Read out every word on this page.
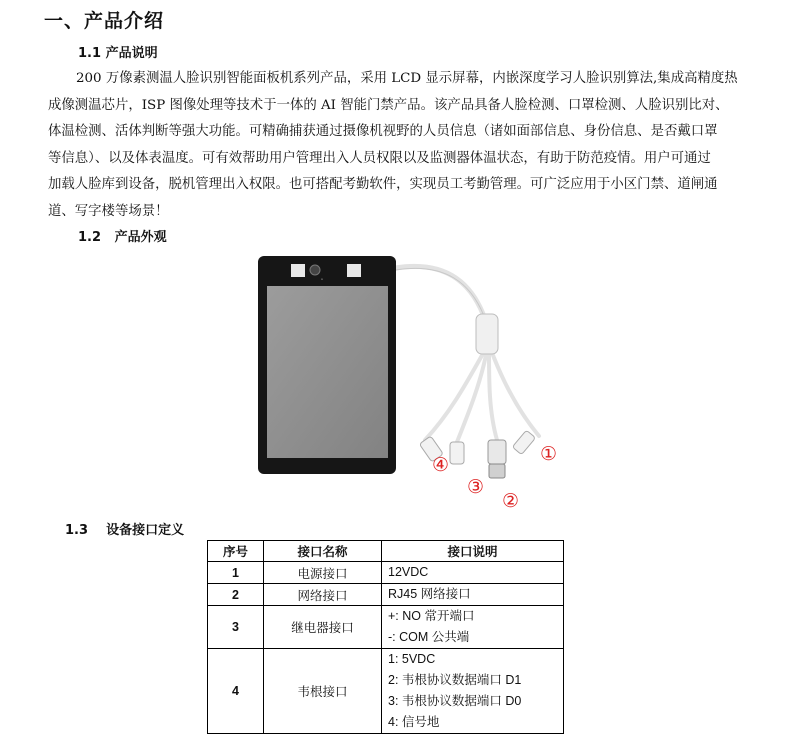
一、产品介绍
1.1 产品说明
200 万像素测温人脸识别智能面板机系列产品，采用 LCD 显示屏幕，内嵌深度学习人脸识别算法,集成高精度热
成像测温芯片，ISP 图像处理等技术于一体的 AI 智能门禁产品。该产品具备人脸检测、口罩检测、人脸识别比对、
体温检测、活体判断等强大功能。可精确捕获通过摄像机视野的人员信息（诸如面部信息、身份信息、是否戴口罩
等信息）、以及体表温度。可有效帮助用户管理出入人员权限以及监测器体温状态，有助于防范疫情。用户可通过
加载人脸库到设备，脱机管理出入权限。也可搭配考勤软件，实现员工考勤管理。可广泛应用于小区门禁、道闸通
道、写字楼等场景！
1.2 产品外观
ᵒ
①
②
③
④
1.3 设备接口定义
序号	接口名称	接口说明
1	电源接口	12VDC

2	网络接口	RJ45 网络接口

3	继电器接口	+: NO 常开端口
-: COM 公共端

4	韦根接口	1: 5VDC
2: 韦根协议数据端口 D1
3: 韦根协议数据端口 D0
4: 信号地
